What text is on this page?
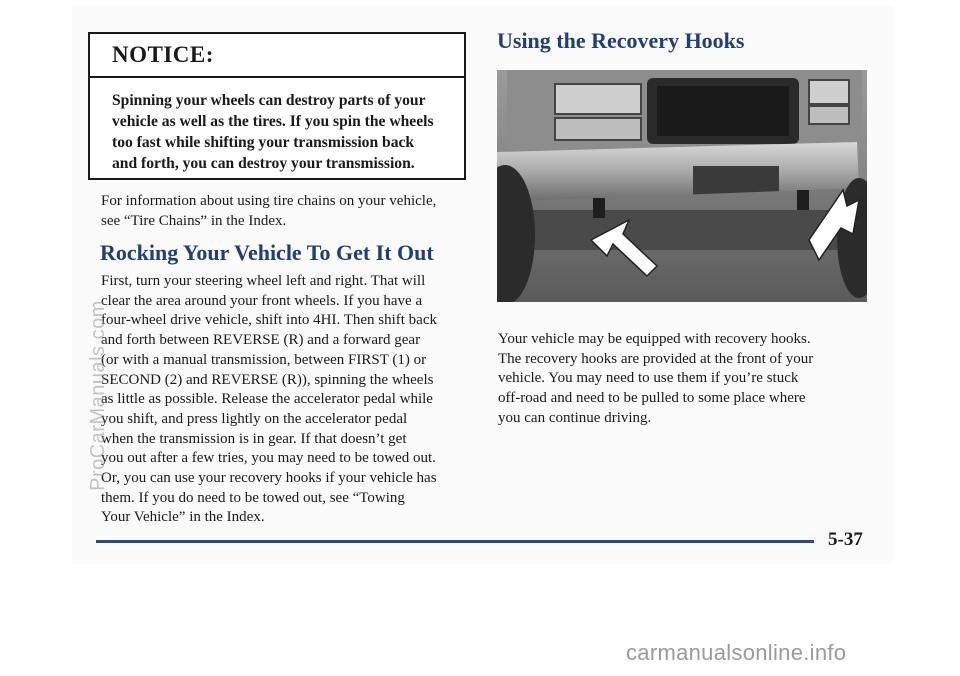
NOTICE:

Spinning your wheels can destroy parts of your

vehicle as well as the tires. If you spin the wheels

too fast while shifting your transmission back

and forth, you can destroy your transmission.

For information about using tire chains on your vehicle,

see “Tire Chains” in the Index.

Rocking Your Vehicle To Get It Out

First, turn your steering wheel left and right. That will

clear the area around your front wheels. If you have a

four-wheel drive vehicle, shift into 4HI. Then shift back

and forth between REVERSE (R) and a forward gear

(or with a manual transmission, between FIRST (1) or

SECOND (2) and REVERSE (R)), spinning the wheels

as little as possible. Release the accelerator pedal while

you shift, and press lightly on the accelerator pedal

when the transmission is in gear. If that doesn’t get

you out after a few tries, you may need to be towed out.

Or, you can use your recovery hooks if your vehicle has

them. If you do need to be towed out, see “Towing

Your Vehicle” in the Index.

Using the Recovery Hooks

Your vehicle may be equipped with recovery hooks.

The recovery hooks are provided at the front of your

vehicle. You may need to use them if you’re stuck

off-road and need to be pulled to some place where

you can continue driving.

5-37
ProCarManuals.com
carmanualsonline.info
